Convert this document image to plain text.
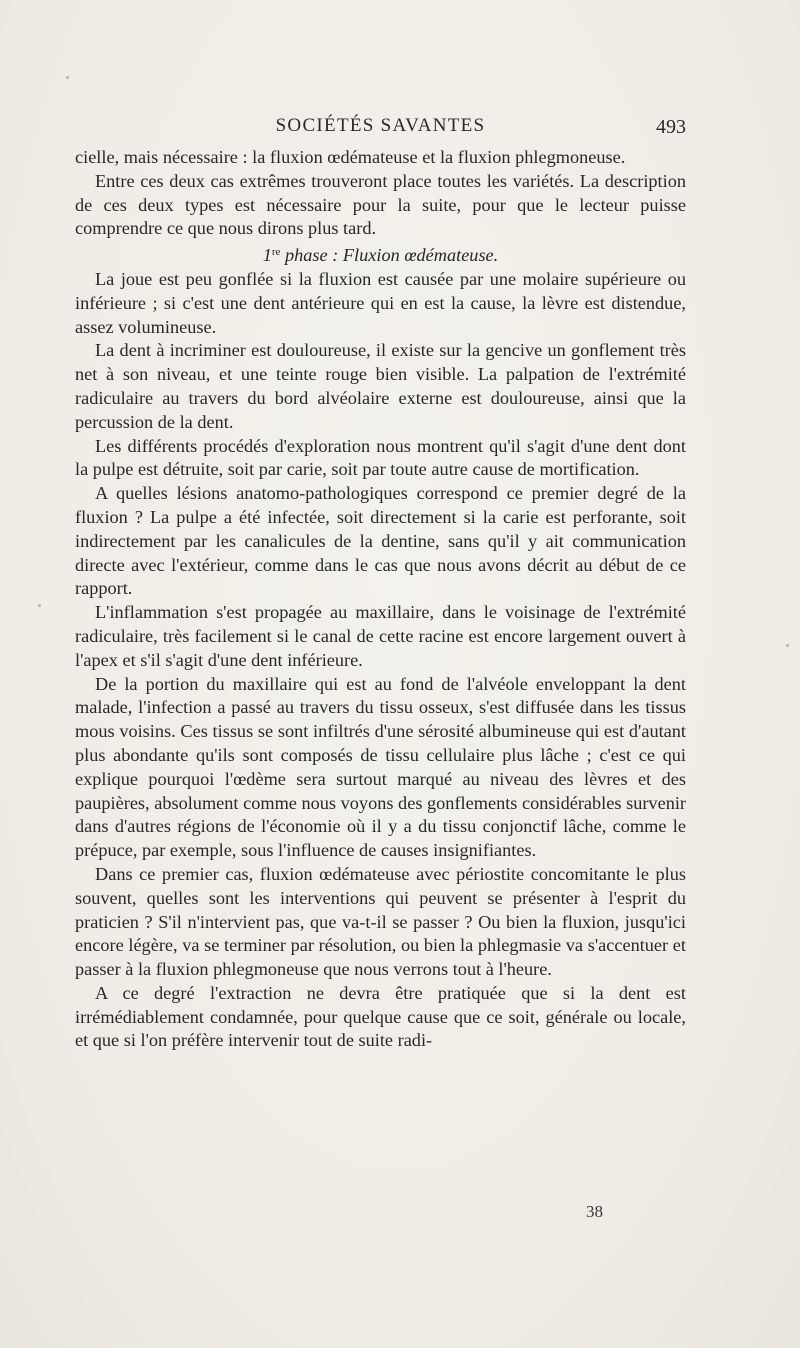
SOCIÉTÉS SAVANTES	493

cielle, mais nécessaire : la fluxion œdémateuse et la fluxion phlegmoneuse.

Entre ces deux cas extrêmes trouveront place toutes les variétés. La description de ces deux types est nécessaire pour la suite, pour que le lecteur puisse comprendre ce que nous dirons plus tard.

1re phase : Fluxion œdémateuse.

La joue est peu gonflée si la fluxion est causée par une molaire supérieure ou inférieure ; si c'est une dent antérieure qui en est la cause, la lèvre est distendue, assez volumineuse.

La dent à incriminer est douloureuse, il existe sur la gencive un gonflement très net à son niveau, et une teinte rouge bien visible. La palpation de l'extrémité radiculaire au travers du bord alvéolaire externe est douloureuse, ainsi que la percussion de la dent.

Les différents procédés d'exploration nous montrent qu'il s'agit d'une dent dont la pulpe est détruite, soit par carie, soit par toute autre cause de mortification.

A quelles lésions anatomo-pathologiques correspond ce premier degré de la fluxion ? La pulpe a été infectée, soit directement si la carie est perforante, soit indirectement par les canalicules de la dentine, sans qu'il y ait communication directe avec l'extérieur, comme dans le cas que nous avons décrit au début de ce rapport.

L'inflammation s'est propagée au maxillaire, dans le voisinage de l'extrémité radiculaire, très facilement si le canal de cette racine est encore largement ouvert à l'apex et s'il s'agit d'une dent inférieure.

De la portion du maxillaire qui est au fond de l'alvéole enveloppant la dent malade, l'infection a passé au travers du tissu osseux, s'est diffusée dans les tissus mous voisins. Ces tissus se sont infiltrés d'une sérosité albumineuse qui est d'autant plus abondante qu'ils sont composés de tissu cellulaire plus lâche ; c'est ce qui explique pourquoi l'œdème sera surtout marqué au niveau des lèvres et des paupières, absolument comme nous voyons des gonflements considérables survenir dans d'autres régions de l'économie où il y a du tissu conjonctif lâche, comme le prépuce, par exemple, sous l'influence de causes insignifiantes.

Dans ce premier cas, fluxion œdémateuse avec périostite concomitante le plus souvent, quelles sont les interventions qui peuvent se présenter à l'esprit du praticien ? S'il n'intervient pas, que va-t-il se passer ? Ou bien la fluxion, jusqu'ici encore légère, va se terminer par résolution, ou bien la phlegmasie va s'accentuer et passer à la fluxion phlegmoneuse que nous verrons tout à l'heure.

A ce degré l'extraction ne devra être pratiquée que si la dent est irrémédiablement condamnée, pour quelque cause que ce soit, générale ou locale, et que si l'on préfère intervenir tout de suite radi-

38
